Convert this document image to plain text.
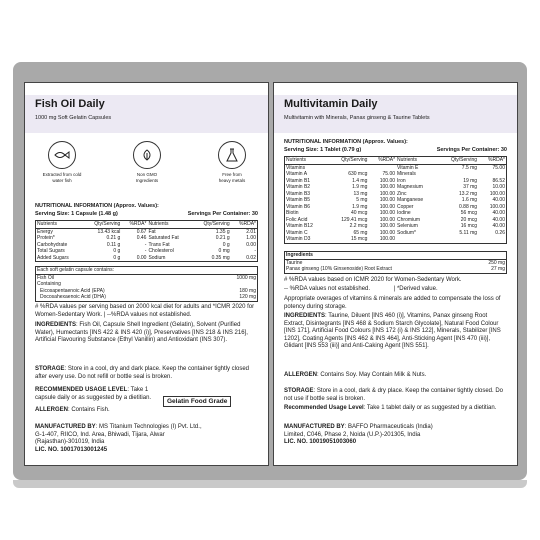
Fish Oil Daily
1000 mg Soft Gelatin Capsules
Extracted from cold
water fish
Non GMO
Ingredients
Free from
heavy metals
NUTRITIONAL INFORMATION (Approx. Values):
Serving Size: 1 Capsule (1.48 g)	Servings Per Container: 30
Nutrients	Qty/Serving	%RDA*	Nutrients	Qty/Serving	%RDA*
Energy	13.43 kcal	0.67	Fat	1.35 g	2.01
Protein*	0.21 g	0.46	Saturated Fat	0.21 g	1.00
Carbohydrate	0.11 g	-	Trans Fat	0 g	0.00
Total Sugars	0 g	-	Cholesterol	0 mg	-
Added Sugars	0 g	0.00	Sodium	0.35 mg	0.02
Each soft gelatin capsule contains:	
Fish Oil	1000 mg
Containing	
Eicosapentaenoic Acid (EPA)	180 mg
Docosahexaenoic Acid (DHA)	120 mg
# %RDA values per serving based on 2000 kcal diet for adults and *ICMR 2020 for Women-Sedentary Work. | --%RDA values not established.
INGREDIENTS: Fish Oil, Capsule Shell Ingredient (Gelatin), Solvent (Purified Water), Humectants [INS 422 & INS 420 (i)], Preservatives [INS 218 & INS 216], Artificial Flavouring Substance (Ethyl Vanillin) and Antioxidant (INS 307).
STORAGE: Store in a cool, dry and dark place. Keep the container tightly closed after every use. Do not refill or bottle seal is broken.
RECOMMENDED USAGE LEVEL: Take 1 capsule daily or as suggested by a dietitian.
Gelatin Food Grade
ALLERGEN: Contains Fish.
MANUFACTURED BY: MS Titanium Technologies (I) Pvt. Ltd.,
G-1-407, RIICO, Ind. Area, Bhiwadi, Tijara, Alwar
(Rajasthan)-301019, India
LIC. NO. 10017013001245
Multivitamin Daily
Multivitamin with Minerals, Panax ginseng & Taurine Tablets
NUTRITIONAL INFORMATION (Approx. Values):
Serving Size: 1 Tablet (0.79 g)	Servings Per Container: 30
Nutrients	Qty/Serving	%RDA*	Nutrients	Qty/Serving	%RDA*
Vitamins			Vitamin E	7.5 mg	75.00
Vitamin A	630 mcg	75.00	Minerals		
Vitamin B1	1.4 mg	100.00	Iron	19 mg	86.52
Vitamin B2	1.9 mg	100.00	Magnesium	37 mg	10.00
Vitamin B3	13 mg	100.00	Zinc	13.2 mg	100.00
Vitamin B5	5 mg	100.00	Manganese	1.6 mg	40.00
Vitamin B6	1.9 mg	100.00	Copper	0.88 mg	100.00
Biotin	40 mcg	100.00	Iodine	56 mcg	40.00
Folic Acid	129.41 mcg	100.00	Chromium	20 mcg	40.00
Vitamin B12	2.2 mcg	100.00	Selenium	16 mcg	40.00
Vitamin C	65 mg	100.00	Sodium*	5.11 mg	0.26
Vitamin D3	15 mcg	100.00			
Ingredients	
Taurine	250 mg
Panax ginseng (10% Ginsenoside) Root Extract	27 mg
# %RDA values based on ICMR 2020 for Women-Sedentary Work.
-- %RDA values not established.	| *Derived value.
Appropriate overages of vitamins & minerals are added to compensate the loss of potency during storage.
INGREDIENTS: Taurine, Diluent [INS 460 (i)], Vitamins, Panax ginseng Root Extract, Disintegrants [INS 468 & Sodium Starch Glycolate], Natural Food Colour [INS 171], Artificial Food Colours [INS 172 (i) & INS 122], Minerals, Stabilizer [INS 1202], Coating Agents [INS 462 & INS 464], Anti-Sticking Agent [INS 470 (iii)], Glidant [INS 553 (iii)] and Anti-Caking Agent [INS 551].
ALLERGEN: Contains Soy. May Contain Milk & Nuts.
STORAGE: Store in a cool, dark & dry place. Keep the container tightly closed. Do not use if bottle seal is broken.
Recommended Usage Level: Take 1 tablet daily or as suggested by a dietitian.
MANUFACTURED BY: BAFFO Pharmaceuticals (India)
Limited, C046, Phase 2, Noida (U.P.)-201305, India
LIC. NO. 10019051003060
